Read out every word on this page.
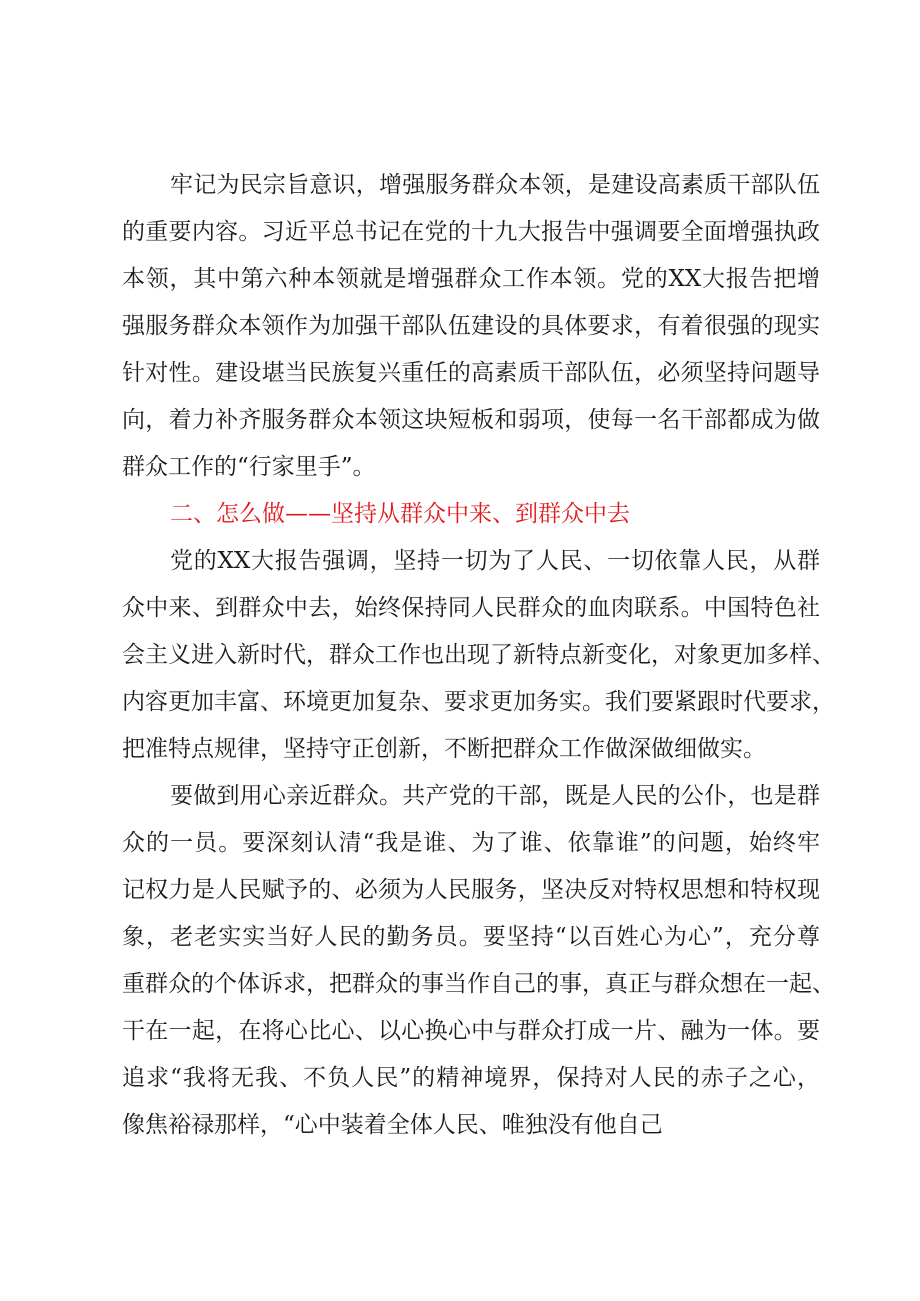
牢记为民宗旨意识，增强服务群众本领，是建设高素质干部队伍
的重要内容。习近平总书记在党的十九大报告中强调要全面增强执政
本领，其中第六种本领就是增强群众工作本领。党的XX大报告把增
强服务群众本领作为加强干部队伍建设的具体要求，有着很强的现实
针对性。建设堪当民族复兴重任的高素质干部队伍，必须坚持问题导
向，着力补齐服务群众本领这块短板和弱项，使每一名干部都成为做
群众工作的“行家里手”。
二、怎么做——坚持从群众中来、到群众中去
党的XX大报告强调，坚持一切为了人民、一切依靠人民，从群
众中来、到群众中去，始终保持同人民群众的血肉联系。中国特色社
会主义进入新时代，群众工作也出现了新特点新变化，对象更加多样、
内容更加丰富、环境更加复杂、要求更加务实。我们要紧跟时代要求，
把准特点规律，坚持守正创新，不断把群众工作做深做细做实。
要做到用心亲近群众。共产党的干部，既是人民的公仆，也是群
众的一员。要深刻认清“我是谁、为了谁、依靠谁”的问题，始终牢
记权力是人民赋予的、必须为人民服务，坚决反对特权思想和特权现
象，老老实实当好人民的勤务员。要坚持“以百姓心为心”，充分尊
重群众的个体诉求，把群众的事当作自己的事，真正与群众想在一起、
干在一起，在将心比心、以心换心中与群众打成一片、融为一体。要
追求“我将无我、不负人民”的精神境界，保持对人民的赤子之心，
像焦裕禄那样，“心中装着全体人民、唯独没有他自己
